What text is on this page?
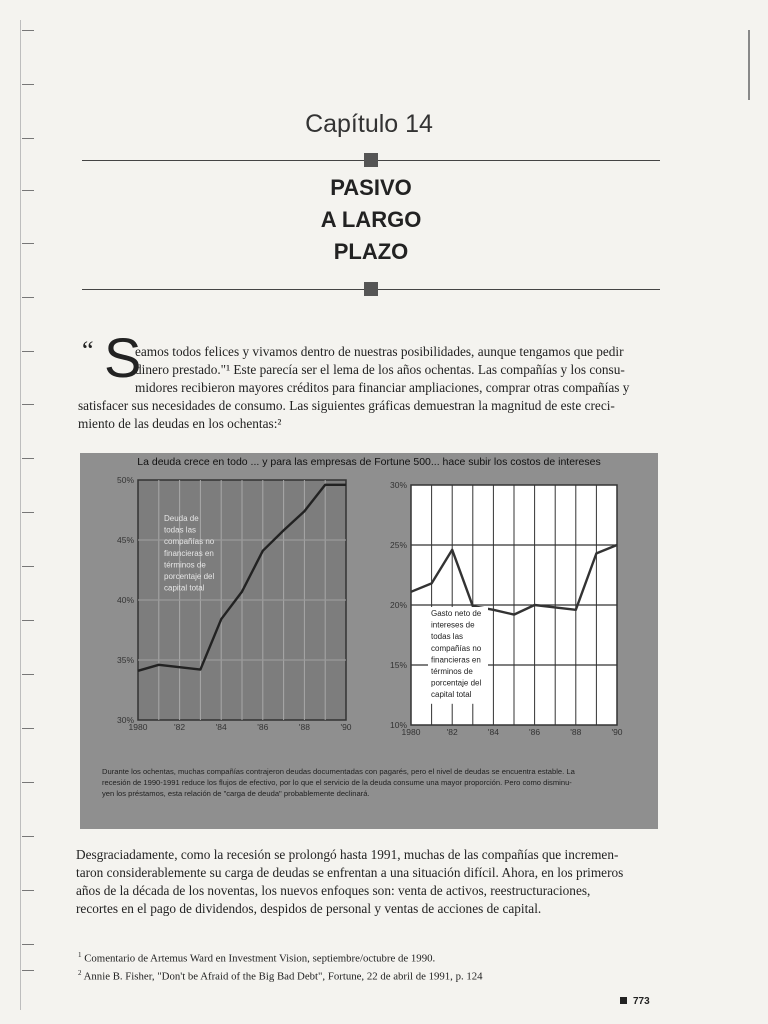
Capítulo 14
PASIVO
A LARGO
PLAZO
“ S
eamos todos felices y vivamos dentro de nuestras posibilidades, aunque tengamos que pedir
dinero prestado."¹ Este parecía ser el lema de los años ochentas. Las compañías y los consu-
midores recibieron mayores créditos para financiar ampliaciones, comprar otras compañías y
satisfacer sus necesidades de consumo. Las siguientes gráficas demuestran la magnitud de este creci-
miento de las deudas en los ochentas:²
30%
35%
40%
45%
50%
1980	'82	'84	'86	'88	'90
Deuda de
todas las
compañías no
financieras en
términos de
porcentaje del
capital total
10%
15%
20%
25%
30%
1980	'82	'84	'86	'88	'90
Gasto neto de
intereses de
todas las
compañías no
financieras en
términos de
porcentaje del
capital total
La deuda crece en todo ... y para las empresas de Fortune 500... hace subir los costos de intereses
Durante los ochentas, muchas compañías contrajeron deudas documentadas con pagarés, pero el nivel de deudas se encuentra estable. La
recesión de 1990-1991 reduce los flujos de efectivo, por lo que el servicio de la deuda consume una mayor proporción. Pero como disminu-
yen los préstamos, esta relación de "carga de deuda" probablemente declinará.
Desgraciadamente, como la recesión se prolongó hasta 1991, muchas de las compañías que incremen-
taron considerablemente su carga de deudas se enfrentan a una situación difícil. Ahora, en los primeros
años de la década de los noventas, los nuevos enfoques son: venta de activos, reestructuraciones,
recortes en el pago de dividendos, despidos de personal y ventas de acciones de capital.
$^1$ Comentario de Artemus Ward en Investment Vision, septiembre/octubre de 1990.
$^2$ Annie B. Fisher, "Don't be Afraid of the Big Bad Debt", Fortune, 22 de abril de 1991, p. 124
773
